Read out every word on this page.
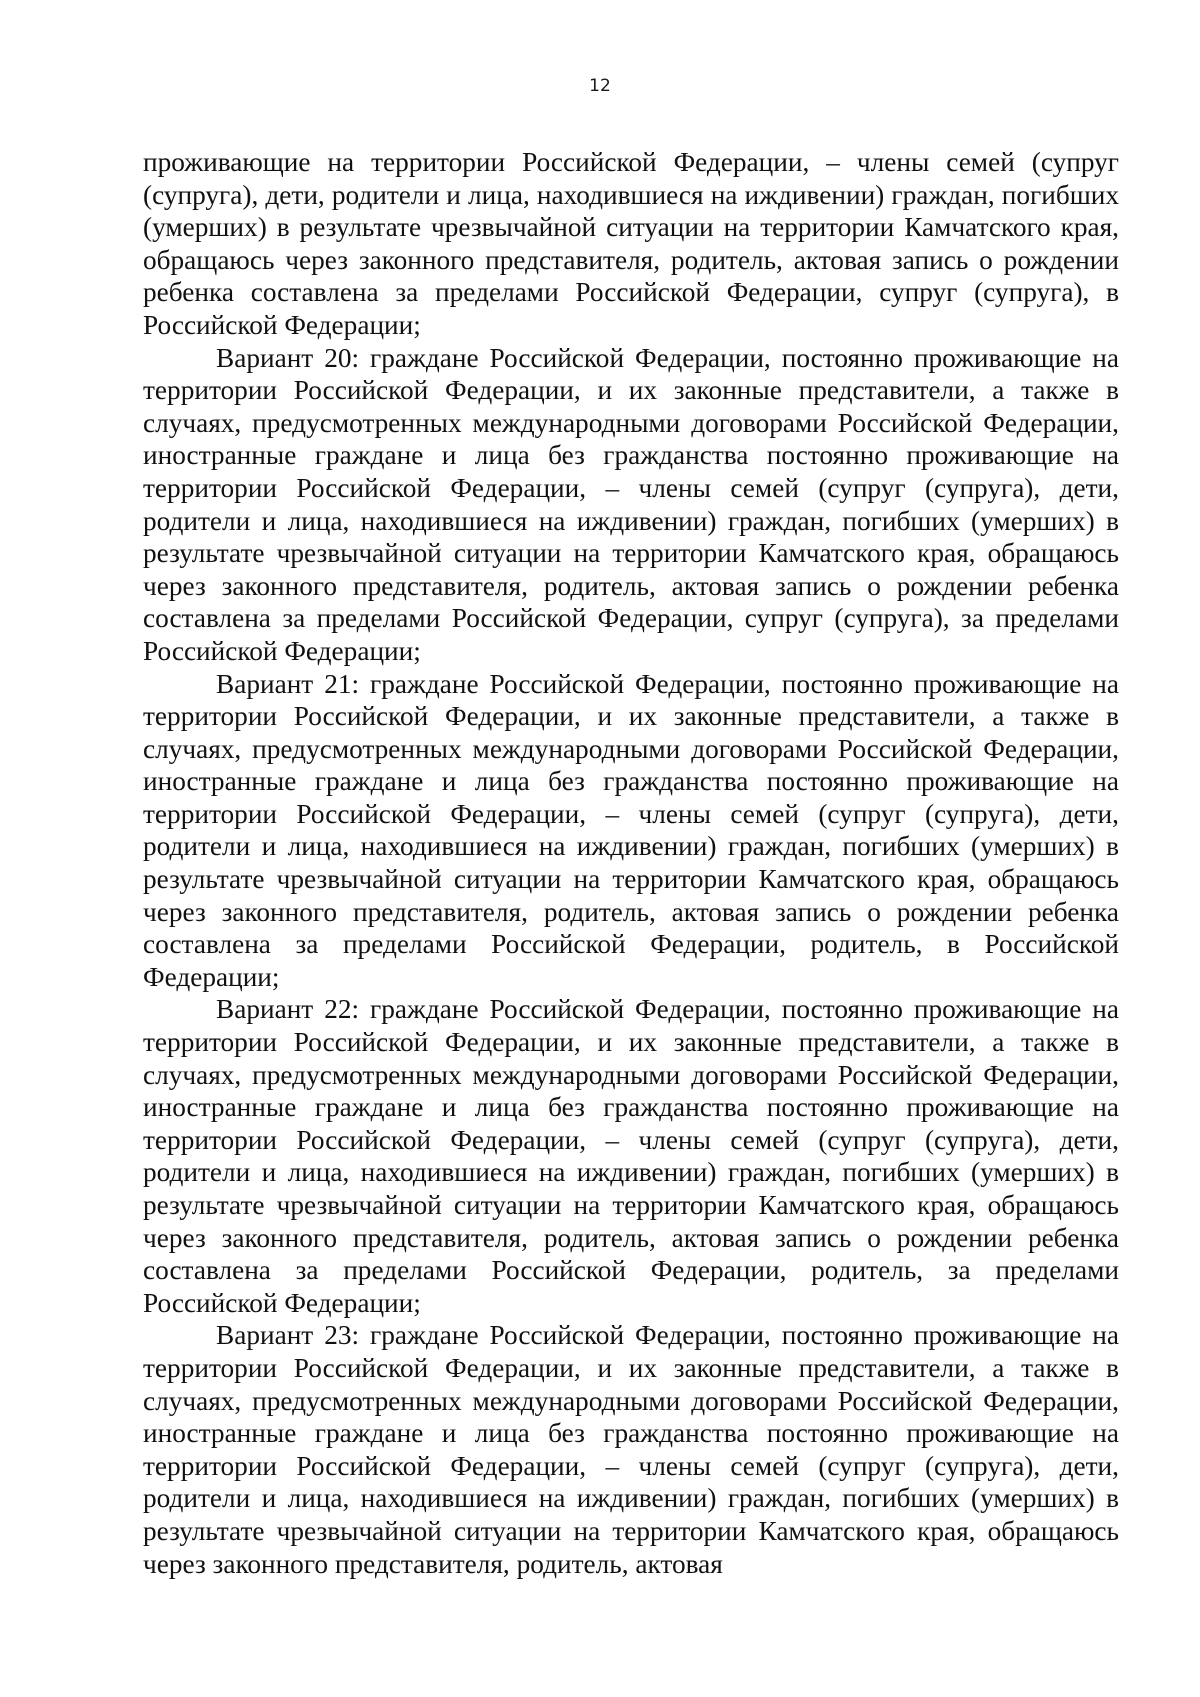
12

проживающие на территории Российской Федерации, – члены семей (супруг (супруга), дети, родители и лица, находившиеся на иждивении) граждан, погибших (умерших) в результате чрезвычайной ситуации на территории Камчатского края, обращаюсь через законного представителя, родитель, актовая запись о рождении ребенка составлена за пределами Российской Федерации, супруг (супруга), в Российской Федерации;

Вариант 20: граждане Российской Федерации, постоянно проживающие на территории Российской Федерации, и их законные представители, а также в случаях, предусмотренных международными договорами Российской Федерации, иностранные граждане и лица без гражданства постоянно проживающие на территории Российской Федерации, – члены семей (супруг (супруга), дети, родители и лица, находившиеся на иждивении) граждан, погибших (умерших) в результате чрезвычайной ситуации на территории Камчатского края, обращаюсь через законного представителя, родитель, актовая запись о рождении ребенка составлена за пределами Российской Федерации, супруг (супруга), за пределами Российской Федерации;

Вариант 21: граждане Российской Федерации, постоянно проживающие на территории Российской Федерации, и их законные представители, а также в случаях, предусмотренных международными договорами Российской Федерации, иностранные граждане и лица без гражданства постоянно проживающие на территории Российской Федерации, – члены семей (супруг (супруга), дети, родители и лица, находившиеся на иждивении) граждан, погибших (умерших) в результате чрезвычайной ситуации на территории Камчатского края, обращаюсь через законного представителя, родитель, актовая запись о рождении ребенка составлена за пределами Российской Федерации, родитель, в Российской Федерации;

Вариант 22: граждане Российской Федерации, постоянно проживающие на территории Российской Федерации, и их законные представители, а также в случаях, предусмотренных международными договорами Российской Федерации, иностранные граждане и лица без гражданства постоянно проживающие на территории Российской Федерации, – члены семей (супруг (супруга), дети, родители и лица, находившиеся на иждивении) граждан, погибших (умерших) в результате чрезвычайной ситуации на территории Камчатского края, обращаюсь через законного представителя, родитель, актовая запись о рождении ребенка составлена за пределами Российской Федерации, родитель, за пределами Российской Федерации;

Вариант 23: граждане Российской Федерации, постоянно проживающие на территории Российской Федерации, и их законные представители, а также в случаях, предусмотренных международными договорами Российской Федерации, иностранные граждане и лица без гражданства постоянно проживающие на территории Российской Федерации, – члены семей (супруг (супруга), дети, родители и лица, находившиеся на иждивении) граждан, погибших (умерших) в результате чрезвычайной ситуации на территории Камчатского края, обращаюсь через законного представителя, родитель, актовая
